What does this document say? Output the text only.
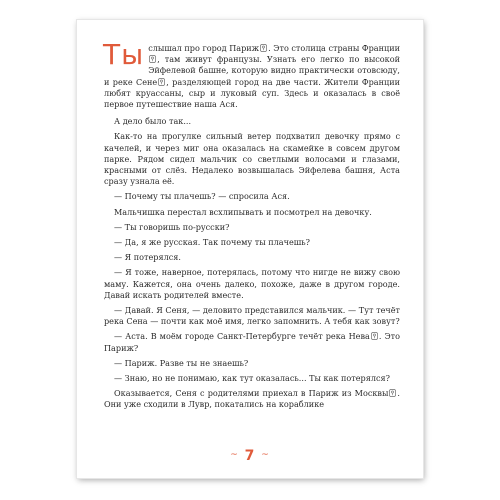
Ты слышал про город Париж . Это столица страны Франции
, там живут французы. Узнать его легко по высокой Эйфелевой башне, которую видно практически отовсюду, и реке Сене , разделяющей город на две части. Жители Франции любят круассаны, сыр и луковый суп. Здесь и оказалась в своё первое путешествие наша Ася.

А дело было так...

Как-то на прогулке сильный ветер подхватил девочку прямо с качелей, и через миг она оказалась на скамейке в совсем другом парке. Рядом сидел мальчик со светлыми волосами и глазами, красными от слёз. Недалеко возвышалась Эйфелева башня, Аста сразу узнала её.

— Почему ты плачешь? — спросила Ася.

Мальчишка перестал всхлипывать и посмотрел на девочку.

— Ты говоришь по-русски?

— Да, я же русская. Так почему ты плачешь?

— Я потерялся.

— Я тоже, наверное, потерялась, потому что нигде не вижу свою маму. Кажется, она очень далеко, похоже, даже в другом городе. Давай искать родителей вместе.

— Давай. Я Сеня, — деловито представился мальчик. — Тут течёт река Сена — почти как моё имя, легко запомнить. А тебя как зовут?

— Аста. В моём городе Санкт-Петербурге течёт река Нева . Это Париж?

— Париж. Разве ты не знаешь?

— Знаю, но не понимаю, как тут оказалась... Ты как потерялся?

Оказывается, Сеня с родителями приехал в Париж из Москвы . Они уже сходили в Лувр, покатались на кораблике

~ 7 ~
